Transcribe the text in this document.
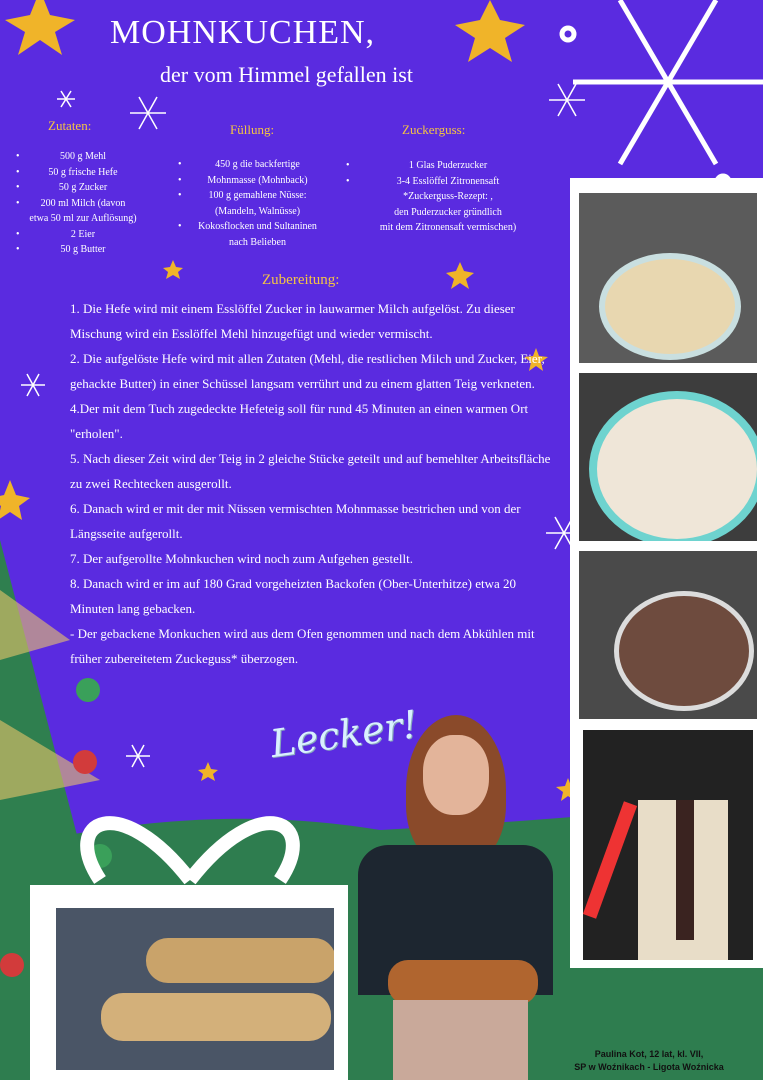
MOHNKUCHEN,
der vom Himmel gefallen ist
Zutaten:
• 500 g Mehl
• 50 g frische Hefe
• 50 g Zucker
• 200 ml Milch (davon
etwa 50 ml zur Auflösung)
• 2 Eier
• 50 g Butter
Füllung:
• 450 g die backfertige
• Mohnmasse (Mohnback)
• 100 g gemahlene Nüsse:
(Mandeln, Walnüsse)
• Kokosflocken und Sultaninen
nach Belieben
Zuckerguss:
• 1 Glas Puderzucker
• 3-4 Esslöffel Zitronensaft
*Zuckerguss-Rezept: ,
den Puderzucker gründlich
mit dem Zitronensaft vermischen)
Zubereitung:

1. Die Hefe wird mit einem Esslöffel Zucker in lauwarmer Milch aufgelöst. Zu dieser Mischung wird ein Esslöffel Mehl hinzugefügt und wieder vermischt.

2. Die aufgelöste Hefe wird mit allen Zutaten (Mehl, die restlichen Milch und Zucker, Eier, gehackte Butter) in einer Schüssel langsam verrührt und zu einem glatten Teig verkneten.

4.Der mit dem Tuch zugedeckte Hefeteig soll für rund 45 Minuten an einen warmen Ort "erholen".

5. Nach dieser Zeit wird der Teig in 2 gleiche Stücke geteilt und auf bemehlter Arbeitsfläche zu zwei Rechtecken ausgerollt.

6. Danach wird er mit der mit Nüssen vermischten Mohnmasse bestrichen und von der Längsseite aufgerollt.

7. Der aufgerollte Mohnkuchen wird noch zum Aufgehen gestellt.

8. Danach wird er im auf 180 Grad vorgeheizten Backofen (Ober-Unterhitze) etwa 20 Minuten lang gebacken.

- Der gebackene Monkuchen wird aus dem Ofen genommen und nach dem Abkühlen mit früher zubereitetem Zuckeguss* überzogen.

Lecker!
Paulina Kot, 12 lat, kl. VII,
SP w Woźnikach - Ligota Woźnicka
